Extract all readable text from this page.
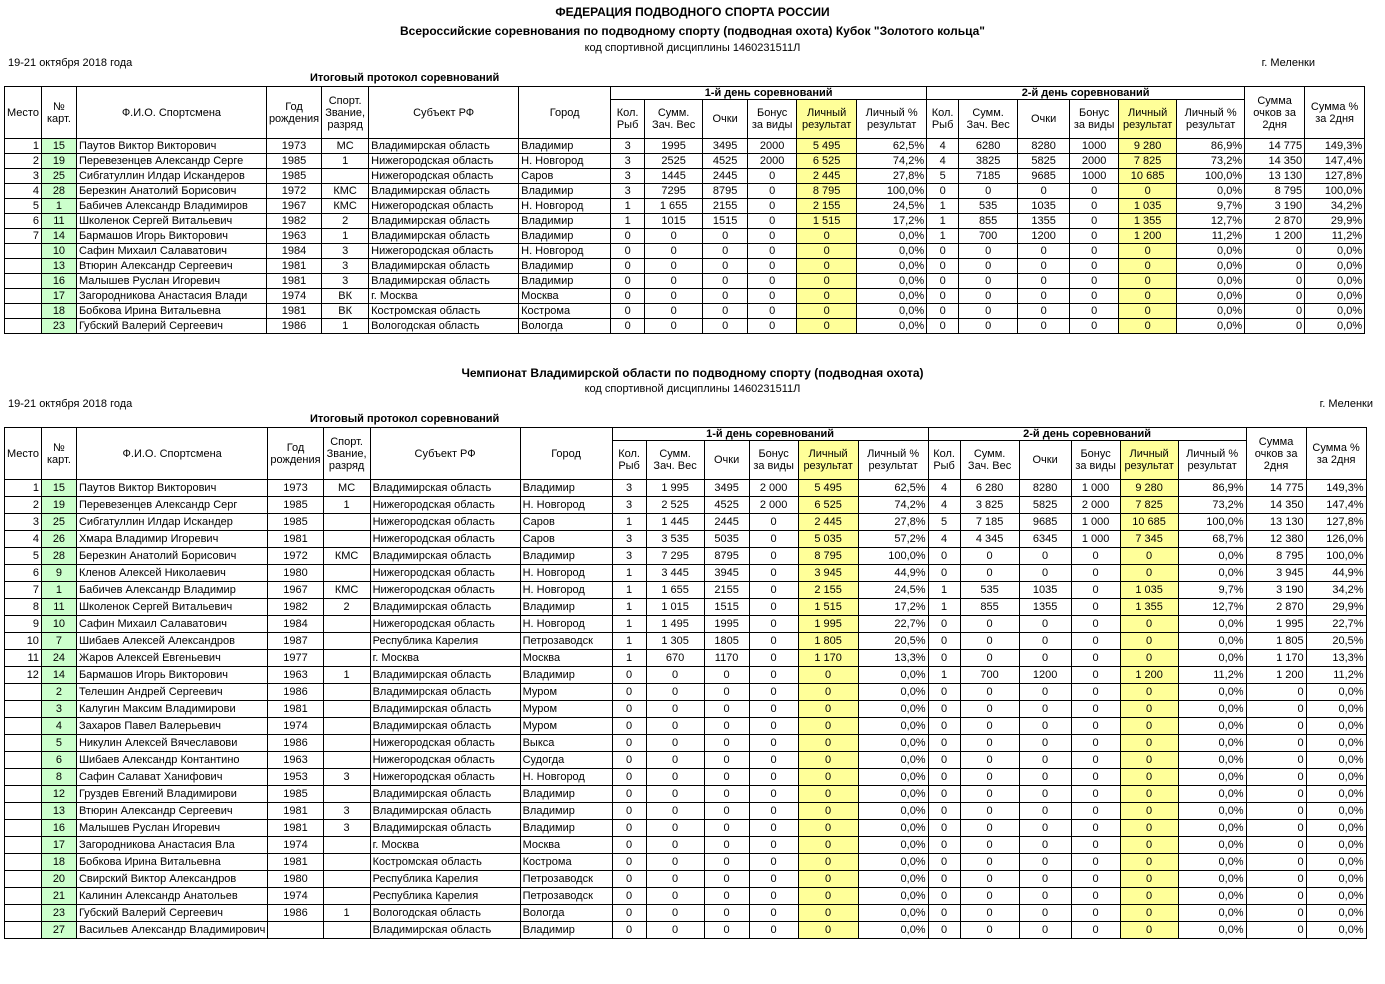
ФЕДЕРАЦИЯ ПОДВОДНОГО СПОРТА РОССИИ
Всероссийские соревнования по подводному спорту (подводная охота) Кубок "Золотого кольца"
код спортивной дисциплины 1460231511Л
19-21 октября 2018 года	г. Меленки
Итоговый протокол соревнований
Место	№ карт.	Ф.И.О. Спортсмена	Год рождения	Спорт. Звание, разряд	Субъект РФ	Город	1-й день соревнований						2-й день соревнований						Сумма очков за 2дня	Сумма % за 2дня
							Кол. Рыб	Сумм. Зач. Вес	Очки	Бонус за виды	Личный результат	Личный % результат	Кол. Рыб	Сумм. Зач. Вес	Очки	Бонус за виды	Личный результат	Личный % результат		
1	15	Паутов Виктор Викторович	1973	МС	Владимирская область	Владимир	3	1995	3495	2000	5 495	62,5%	4	6280	8280	1000	9 280	86,9%	14 775	149,3%
2	19	Перевезенцев Александр Серге	1985	1	Нижегородская область	Н. Новгород	3	2525	4525	2000	6 525	74,2%	4	3825	5825	2000	7 825	73,2%	14 350	147,4%
3	25	Сибгатуллин Илдар Искандеров	1985		Нижегородская область	Саров	3	1445	2445	0	2 445	27,8%	5	7185	9685	1000	10 685	100,0%	13 130	127,8%
4	28	Березкин Анатолий Борисович	1972	КМС	Владимирская область	Владимир	3	7295	8795	0	8 795	100,0%	0	0	0	0	0	0,0%	8 795	100,0%
5	1	Бабичев Александр Владимиров	1967	КМС	Нижегородская область	Н. Новгород	1	1 655	2155	0	2 155	24,5%	1	535	1035	0	1 035	9,7%	3 190	34,2%
6	11	Школенок Сергей Витальевич	1982	2	Владимирская область	Владимир	1	1015	1515	0	1 515	17,2%	1	855	1355	0	1 355	12,7%	2 870	29,9%
7	14	Бармашов Игорь Викторович	1963	1	Владимирская область	Владимир	0	0	0	0	0	0,0%	1	700	1200	0	1 200	11,2%	1 200	11,2%
	10	Сафин Михаил Салаватович	1984	3	Нижегородская область	Н. Новгород	0	0	0	0	0	0,0%	0	0	0	0	0	0,0%	0	0,0%
	13	Втюрин Александр Сергеевич	1981	3	Владимирская область	Владимир	0	0	0	0	0	0,0%	0	0	0	0	0	0,0%	0	0,0%
	16	Малышев Руслан Игоревич	1981	3	Владимирская область	Владимир	0	0	0	0	0	0,0%	0	0	0	0	0	0,0%	0	0,0%
	17	Загородникова Анастасия Влади	1974	ВК	г. Москва	Москва	0	0	0	0	0	0,0%	0	0	0	0	0	0,0%	0	0,0%
	18	Бобкова Ирина Витальевна	1981	ВК	Костромская область	Кострома	0	0	0	0	0	0,0%	0	0	0	0	0	0,0%	0	0,0%
	23	Губский Валерий Сергеевич	1986	1	Вологодская область	Вологда	0	0	0	0	0	0,0%	0	0	0	0	0	0,0%	0	0,0%
Чемпионат Владимирской области по подводному спорту (подводная охота)
код спортивной дисциплины 1460231511Л
19-21 октября 2018 года	г. Меленки
Итоговый протокол соревнований
Место	№ карт.	Ф.И.О. Спортсмена	Год рождения	Спорт. Звание, разряд	Субъект РФ	Город	1-й день соревнований						2-й день соревнований						Сумма очков за 2дня	Сумма % за 2дня
							Кол. Рыб	Сумм. Зач. Вес	Очки	Бонус за виды	Личный результат	Личный % результат	Кол. Рыб	Сумм. Зач. Вес	Очки	Бонус за виды	Личный результат	Личный % результат		
1	15	Паутов Виктор Викторович	1973	МС	Владимирская область	Владимир	3	1 995	3495	2 000	5 495	62,5%	4	6 280	8280	1 000	9 280	86,9%	14 775	149,3%
2	19	Перевезенцев Александр Серг	1985	1	Нижегородская область	Н. Новгород	3	2 525	4525	2 000	6 525	74,2%	4	3 825	5825	2 000	7 825	73,2%	14 350	147,4%
3	25	Сибгатуллин Илдар Искандер	1985		Нижегородская область	Саров	1	1 445	2445	0	2 445	27,8%	5	7 185	9685	1 000	10 685	100,0%	13 130	127,8%
4	26	Хмара Владимир Игоревич	1981		Нижегородская область	Саров	3	3 535	5035	0	5 035	57,2%	4	4 345	6345	1 000	7 345	68,7%	12 380	126,0%
5	28	Березкин Анатолий Борисович	1972	КМС	Владимирская область	Владимир	3	7 295	8795	0	8 795	100,0%	0	0	0	0	0	0,0%	8 795	100,0%
6	9	Кленов Алексей Николаевич	1980		Нижегородская область	Н. Новгород	1	3 445	3945	0	3 945	44,9%	0	0	0	0	0	0,0%	3 945	44,9%
7	1	Бабичев Александр Владимир	1967	КМС	Нижегородская область	Н. Новгород	1	1 655	2155	0	2 155	24,5%	1	535	1035	0	1 035	9,7%	3 190	34,2%
8	11	Школенок Сергей Витальевич	1982	2	Владимирская область	Владимир	1	1 015	1515	0	1 515	17,2%	1	855	1355	0	1 355	12,7%	2 870	29,9%
9	10	Сафин Михаил Салаватович	1984		Нижегородская область	Н. Новгород	1	1 495	1995	0	1 995	22,7%	0	0	0	0	0	0,0%	1 995	22,7%
10	7	Шибаев Алексей Александров	1987		Республика Карелия	Петрозаводск	1	1 305	1805	0	1 805	20,5%	0	0	0	0	0	0,0%	1 805	20,5%
11	24	Жаров Алексей Евгеньевич	1977		г. Москва	Москва	1	670	1170	0	1 170	13,3%	0	0	0	0	0	0,0%	1 170	13,3%
12	14	Бармашов Игорь Викторович	1963	1	Владимирская область	Владимир	0	0	0	0	0	0,0%	1	700	1200	0	1 200	11,2%	1 200	11,2%
	2	Телешин Андрей Сергеевич	1986		Владимирская область	Муром	0	0	0	0	0	0,0%	0	0	0	0	0	0,0%	0	0,0%
	3	Калугин Максим Владимирови	1981		Владимирская область	Муром	0	0	0	0	0	0,0%	0	0	0	0	0	0,0%	0	0,0%
	4	Захаров Павел Валерьевич	1974		Владимирская область	Муром	0	0	0	0	0	0,0%	0	0	0	0	0	0,0%	0	0,0%
	5	Никулин Алексей Вячеславови	1986		Нижегородская область	Выкса	0	0	0	0	0	0,0%	0	0	0	0	0	0,0%	0	0,0%
	6	Шибаев Александр Контантино	1963		Нижегородская область	Судогда	0	0	0	0	0	0,0%	0	0	0	0	0	0,0%	0	0,0%
	8	Сафин Салават Ханифович	1953	3	Нижегородская область	Н. Новгород	0	0	0	0	0	0,0%	0	0	0	0	0	0,0%	0	0,0%
	12	Груздев Евгений Владимирови	1985		Владимирская область	Владимир	0	0	0	0	0	0,0%	0	0	0	0	0	0,0%	0	0,0%
	13	Втюрин Александр Сергеевич	1981	3	Владимирская область	Владимир	0	0	0	0	0	0,0%	0	0	0	0	0	0,0%	0	0,0%
	16	Малышев Руслан Игоревич	1981	3	Владимирская область	Владимир	0	0	0	0	0	0,0%	0	0	0	0	0	0,0%	0	0,0%
	17	Загородникова Анастасия Вла	1974		г. Москва	Москва	0	0	0	0	0	0,0%	0	0	0	0	0	0,0%	0	0,0%
	18	Бобкова Ирина Витальевна	1981		Костромская область	Кострома	0	0	0	0	0	0,0%	0	0	0	0	0	0,0%	0	0,0%
	20	Свирский Виктор Александров	1980		Республика Карелия	Петрозаводск	0	0	0	0	0	0,0%	0	0	0	0	0	0,0%	0	0,0%
	21	Калинин Александр Анатольев	1974		Республика Карелия	Петрозаводск	0	0	0	0	0	0,0%	0	0	0	0	0	0,0%	0	0,0%
	23	Губский Валерий Сергеевич	1986	1	Вологодская область	Вологда	0	0	0	0	0	0,0%	0	0	0	0	0	0,0%	0	0,0%
	27	Васильев Александр Владимирович			Владимирская область	Владимир	0	0	0	0	0	0,0%	0	0	0	0	0	0,0%	0	0,0%
